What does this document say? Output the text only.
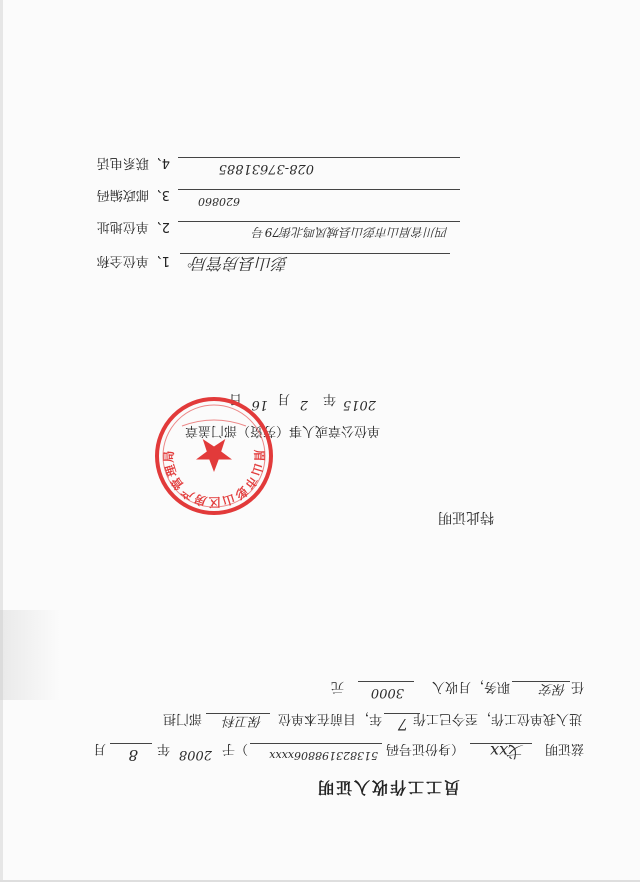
员工工作收入证明
兹证明
戈xx
（身份证号码
513823198806xxxx
）于
2008
年
8
月
进入我单位工作，至今已工作
7
年，目前在本单位
保卫科
部门担
任
保安
职务，月收入
3000
元
特此证明
单位公章或人事（劳资）部门盖章
2015
年
2
月
16
日
眉山市彭山区房产管理局
1、单位全称 彭山县房管局
。
2、单位地址	四川省眉山市彭山县城凤鸣北街79号
3、邮政编码	620860
4、联系电话	028-37631885
